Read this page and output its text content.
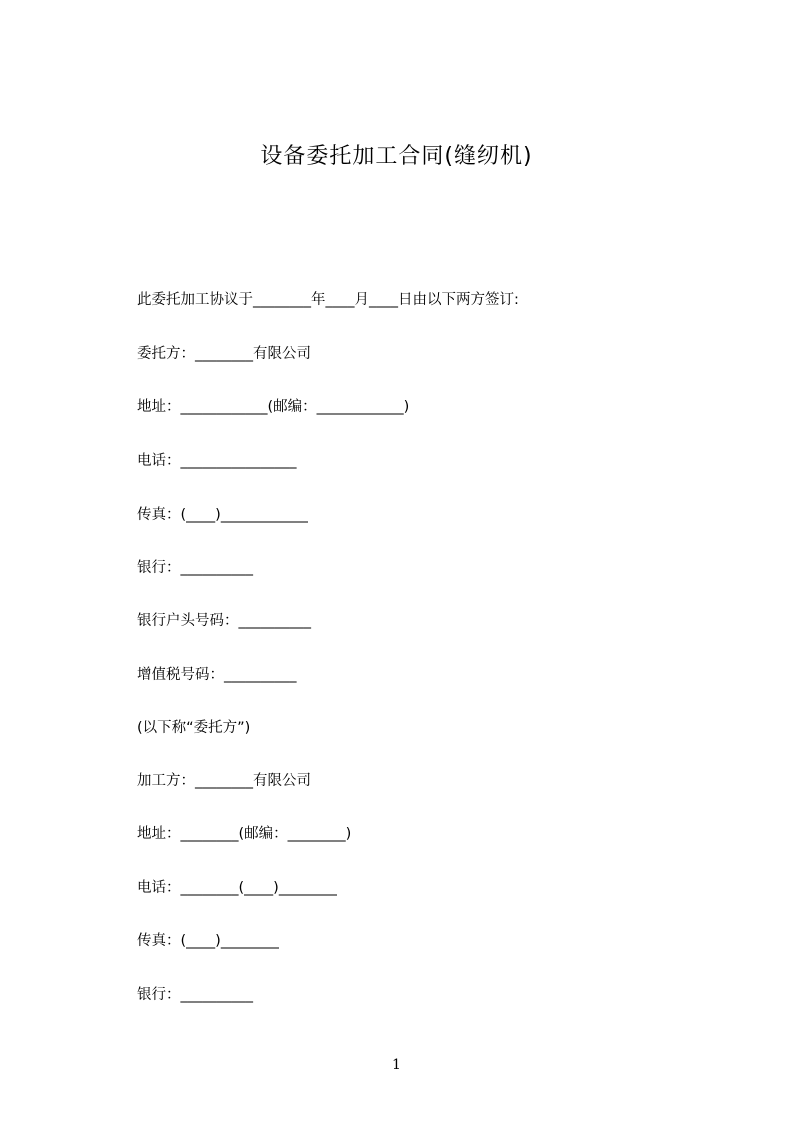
设备委托加工合同(缝纫机)
此委托加工协议于________年____月____日由以下两方签订:
委托方：________有限公司
地址：____________(邮编：____________)
电话：________________
传真：(____)____________
银行：__________
银行户头号码：__________
增值税号码：__________
(以下称“委托方”)
加工方：________有限公司
地址：________(邮编：________)
电话：________(____)________
传真：(____)________
银行：__________
1
